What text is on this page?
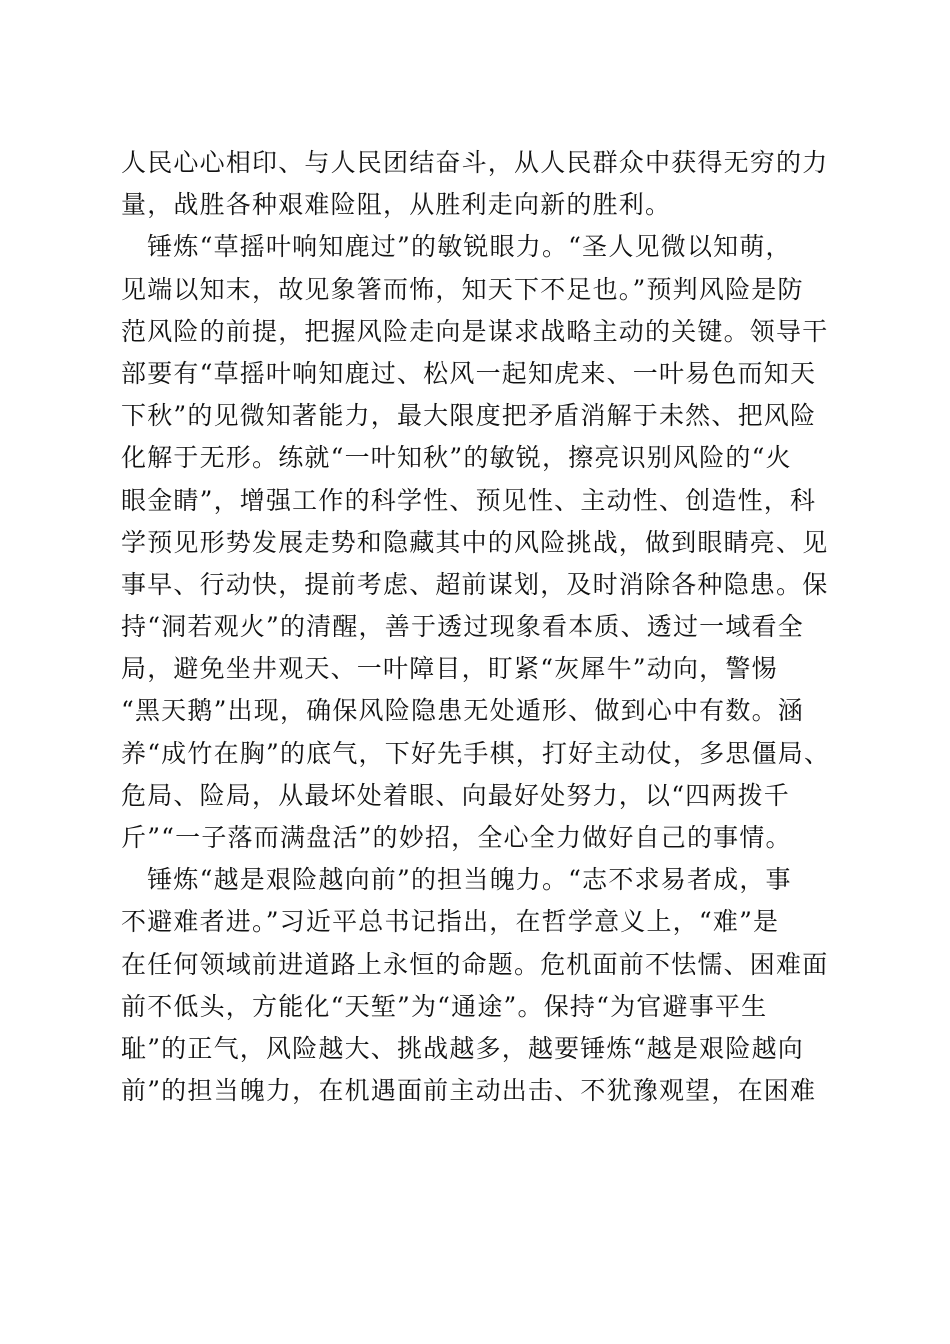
人民心心相印、与人民团结奋斗，从人民群众中获得无穷的力
量，战胜各种艰难险阻，从胜利走向新的胜利。
　锤炼“草摇叶响知鹿过”的敏锐眼力。“圣人见微以知萌，
见端以知末，故见象箸而怖，知天下不足也。”预判风险是防
范风险的前提，把握风险走向是谋求战略主动的关键。领导干
部要有“草摇叶响知鹿过、松风一起知虎来、一叶易色而知天
下秋”的见微知著能力，最大限度把矛盾消解于未然、把风险
化解于无形。练就“一叶知秋”的敏锐，擦亮识别风险的“火
眼金睛”，增强工作的科学性、预见性、主动性、创造性，科
学预见形势发展走势和隐藏其中的风险挑战，做到眼睛亮、见
事早、行动快，提前考虑、超前谋划，及时消除各种隐患。保
持“洞若观火”的清醒，善于透过现象看本质、透过一域看全
局，避免坐井观天、一叶障目，盯紧“灰犀牛”动向，警惕
“黑天鹅”出现，确保风险隐患无处遁形、做到心中有数。涵
养“成竹在胸”的底气，下好先手棋，打好主动仗，多思僵局、
危局、险局，从最坏处着眼、向最好处努力，以“四两拨千
斤”“一子落而满盘活”的妙招，全心全力做好自己的事情。
　锤炼“越是艰险越向前”的担当魄力。“志不求易者成，事
不避难者进。”习近平总书记指出，在哲学意义上，“难”是
在任何领域前进道路上永恒的命题。危机面前不怯懦、困难面
前不低头，方能化“天堑”为“通途”。保持“为官避事平生
耻”的正气，风险越大、挑战越多，越要锤炼“越是艰险越向
前”的担当魄力，在机遇面前主动出击、不犹豫观望，在困难
